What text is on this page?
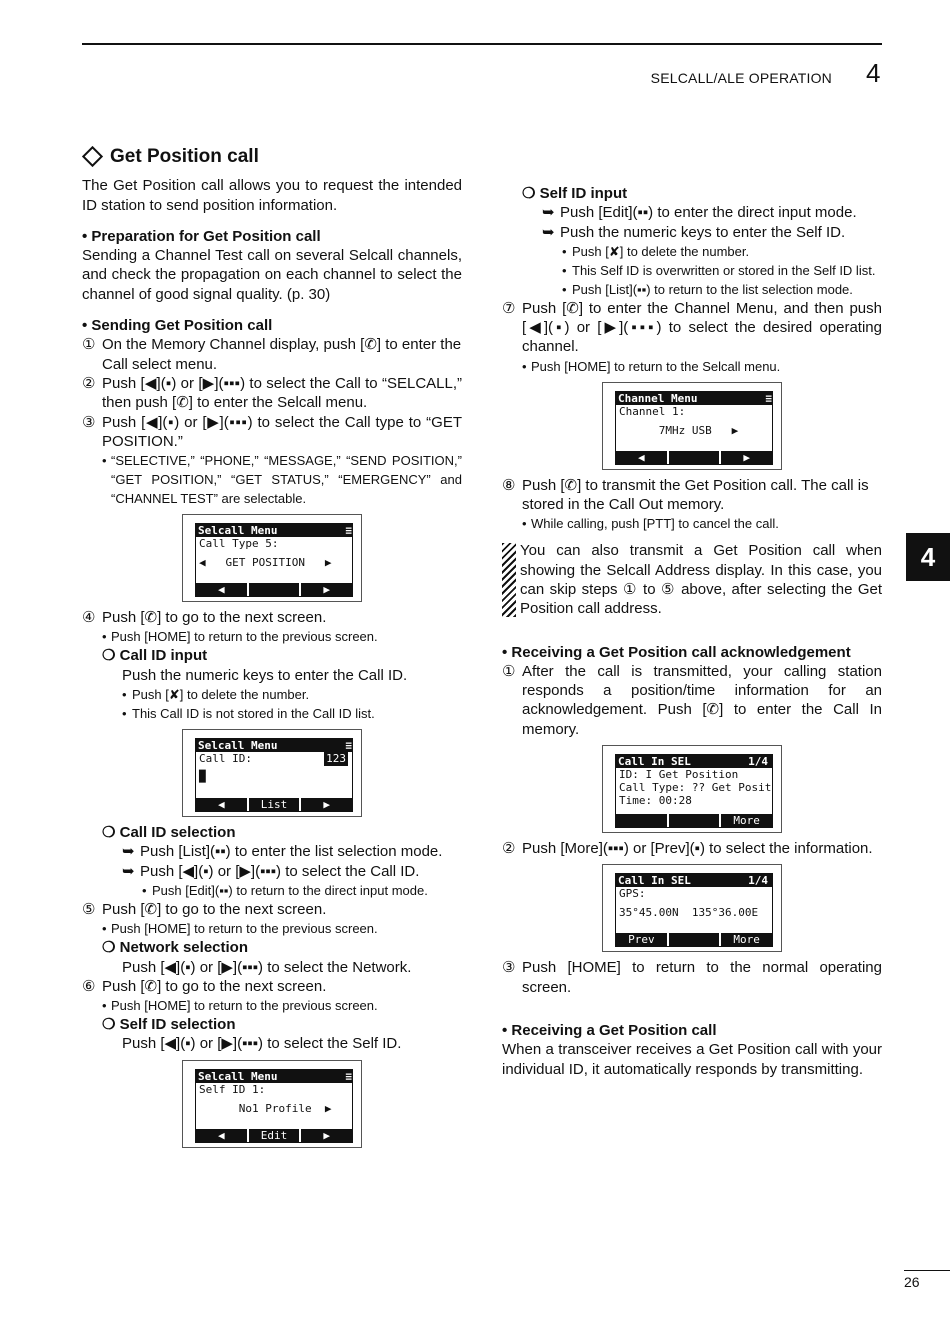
SELCALL/ALE OPERATION 4
4
26

Get Position call

The Get Position call allows you to request the intended ID station to send position information.

• Preparation for Get Position call

Sending a Channel Test call on several Selcall channels, and check the propagation on each channel to select the channel of good signal quality. (p. 30)

• Sending Get Position call

① On the Memory Channel display, push [✆] to enter the Call select menu.
② Push [◀](▪) or [▶](▪▪▪) to select the Call to “SELCALL,” then push [✆] to enter the Selcall menu.
③ Push [◀](▪) or [▶](▪▪▪) to select the Call type to “GET POSITION.”
• “SELECTIVE,” “PHONE,” “MESSAGE,” “SEND POSITION,” “GET POSITION,” “GET STATUS,” “EMERGENCY” and “CHANNEL TEST” are selectable.
Selcall Menu	≡
Call Type 5:
◀   GET POSITION   ▶
◀	▶
④ Push [✆] to go to the next screen.
• Push [HOME] to return to the previous screen.
❍ Call ID input
Push the numeric keys to enter the Call ID.
• Push [✘] to delete the number.
• This Call ID is not stored in the Call ID list.
Selcall Menu	≡
Call ID:	123
█
◀	List	▶
❍ Call ID selection
➥ Push [List](▪▪) to enter the list selection mode.
➥ Push [◀](▪) or [▶](▪▪▪) to select the Call ID.
• Push [Edit](▪▪) to return to the direct input mode.
⑤ Push [✆] to go to the next screen.
• Push [HOME] to return to the previous screen.
❍ Network selection
Push [◀](▪) or [▶](▪▪▪) to select the Network.
⑥ Push [✆] to go to the next screen.
• Push [HOME] to return to the previous screen.
❍ Self ID selection
Push [◀](▪) or [▶](▪▪▪) to select the Self ID.
Selcall Menu	≡
Self ID 1:
No1 Profile  ▶
◀	Edit	▶
❍ Self ID input
➥ Push [Edit](▪▪) to enter the direct input mode.
➥ Push the numeric keys to enter the Self ID.
• Push [✘] to delete the number.
• This Self ID is overwritten or stored in the Self ID list.
• Push [List](▪▪) to return to the list selection mode.
⑦ Push [✆] to enter the Channel Menu, and then push [◀](▪) or [▶](▪▪▪) to select the desired operating channel.
• Push [HOME] to return to the Selcall menu.
Channel Menu	≡
Channel 1:
7MHz USB   ▶
◀	▶
⑧ Push [✆] to transmit the Get Position call. The call is stored in the Call Out memory.
• While calling, push [PTT] to cancel the call.
You can also transmit a Get Position call when showing the Selcall Address display. In this case, you can skip steps ① to ⑤ above, after selecting the Get Position call address.

• Receiving a Get Position call acknowledgement

① After the call is transmitted, your calling station responds a position/time information for an acknowledgement. Push [✆] to enter the Call In memory.
Call In SEL	1/4
ID: I Get Position
Call Type: ?? Get Posit
Time: 00:28
More
② Push [More](▪▪▪) or [Prev](▪) to select the information.
Call In SEL	1/4
GPS:
35°45.00N  135°36.00E
Prev	More
③ Push [HOME] to return to the normal operating screen.

• Receiving a Get Position call

When a transceiver receives a Get Position call with your individual ID, it automatically responds by transmitting.
